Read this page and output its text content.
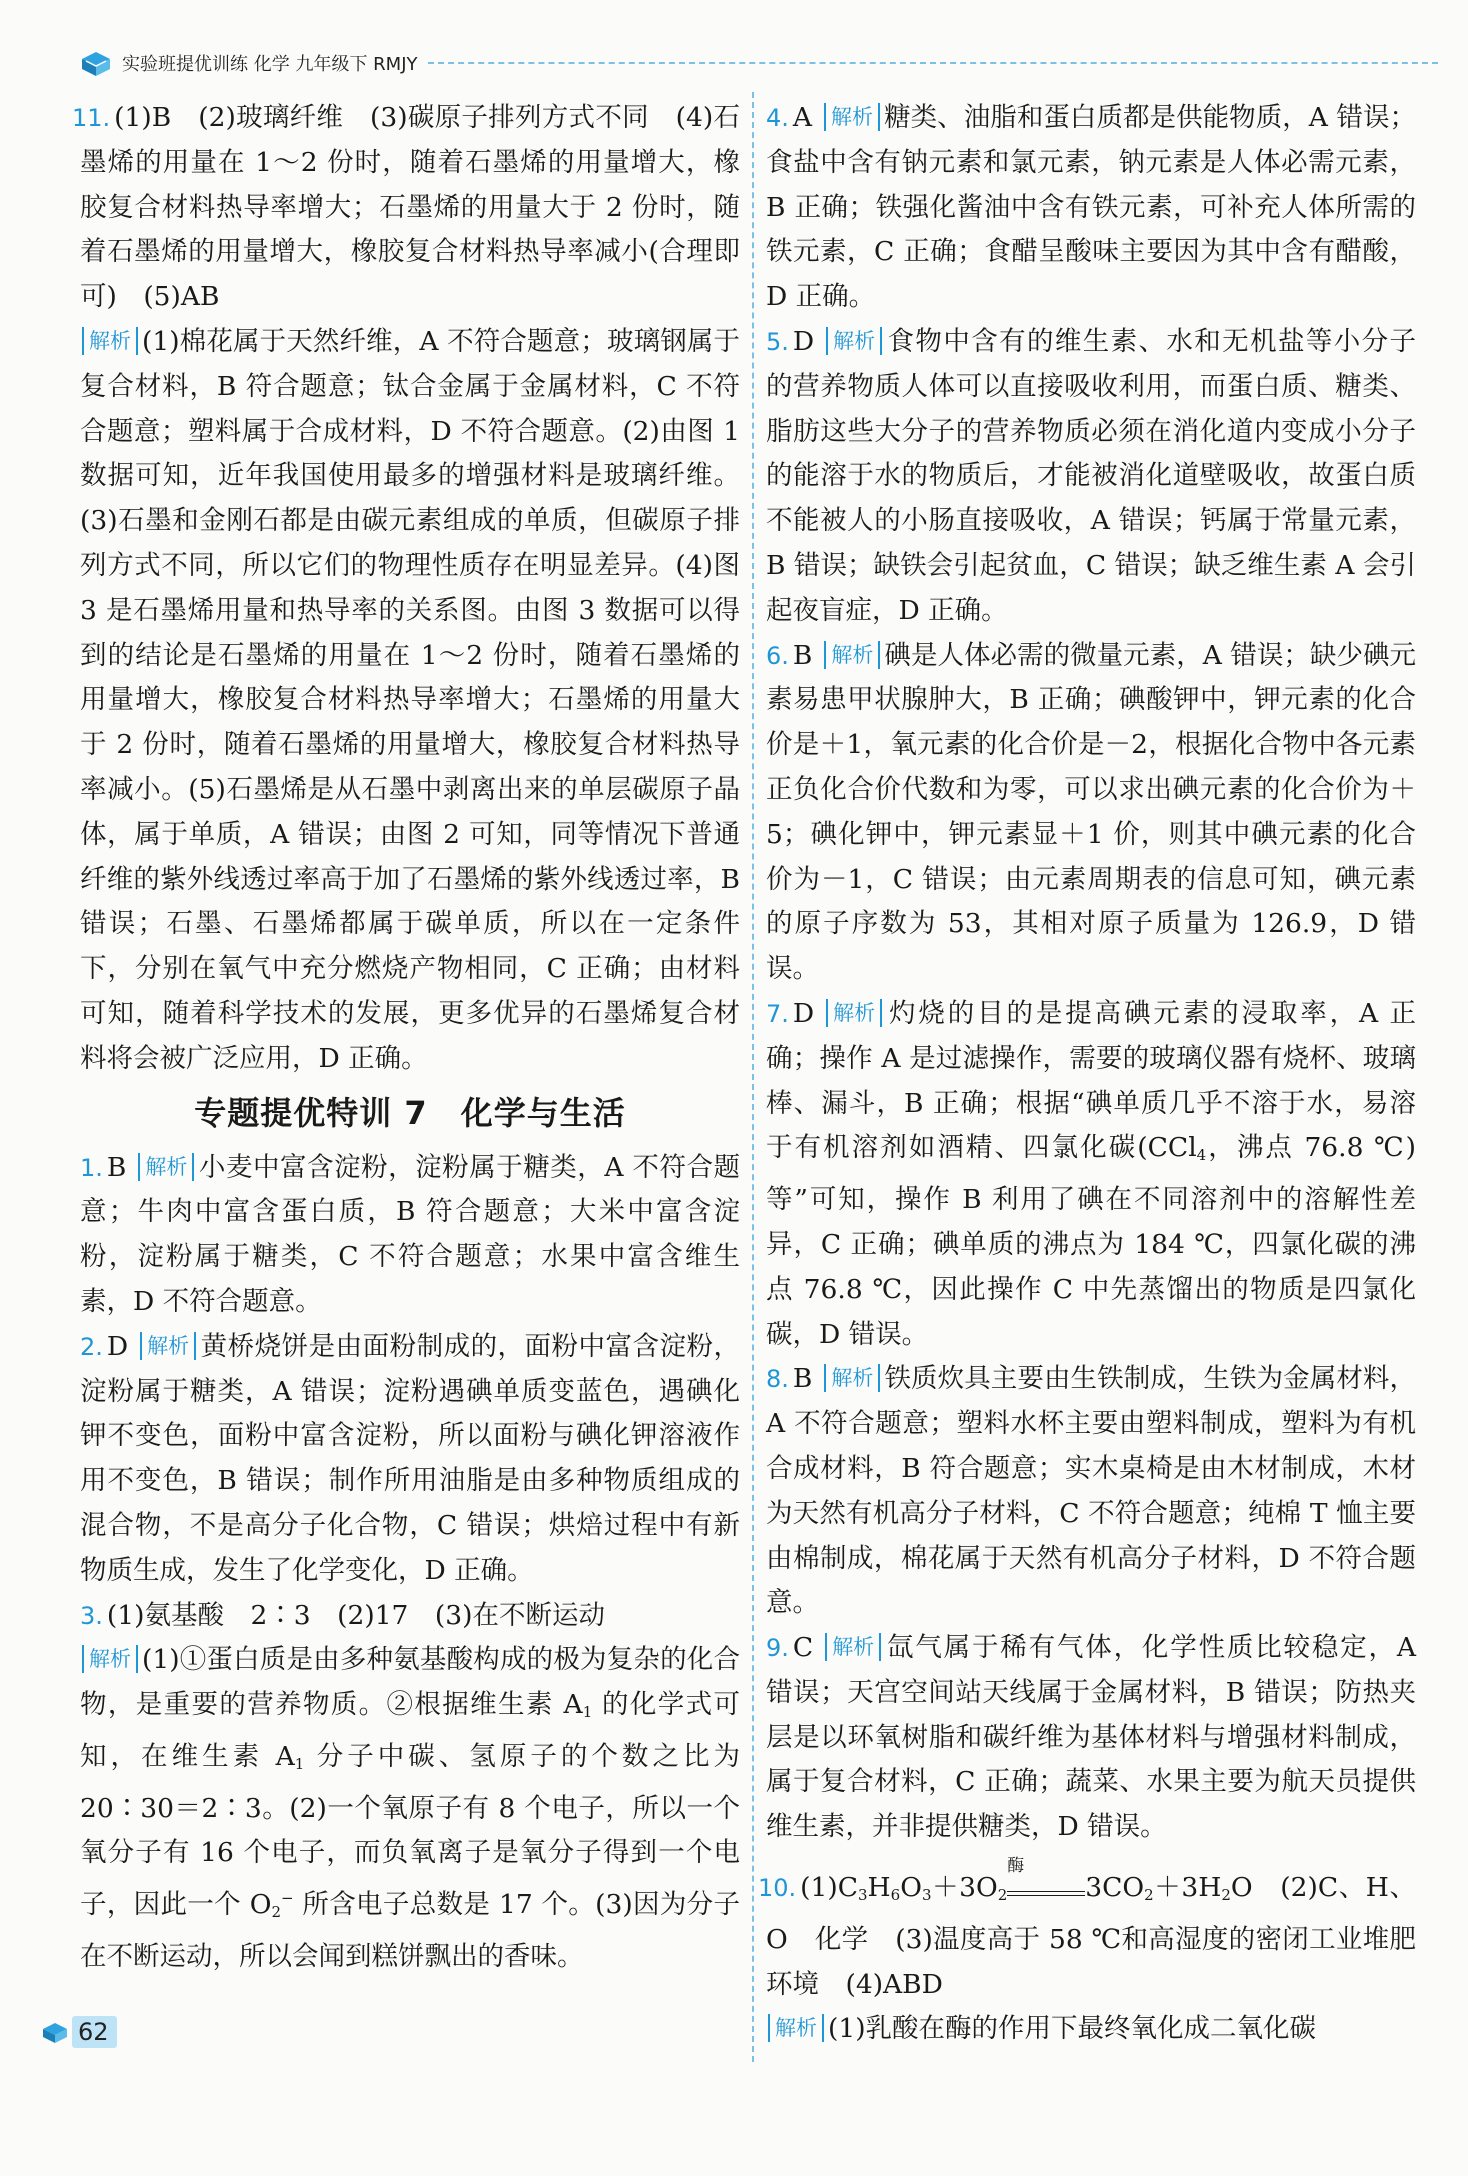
实验班提优训练 化学 九年级下 RMJY

11. (1)B　(2)玻璃纤维　(3)碳原子排列方式不同　(4)石墨烯的用量在 1～2 份时，随着石墨烯的用量增大，橡胶复合材料热导率增大；石墨烯的用量大于 2 份时，随着石墨烯的用量增大，橡胶复合材料热导率减小(合理即可)　(5)AB

解析 (1)棉花属于天然纤维，A 不符合题意；玻璃钢属于复合材料，B 符合题意；钛合金属于金属材料，C 不符合题意；塑料属于合成材料，D 不符合题意。(2)由图 1 数据可知，近年我国使用最多的增强材料是玻璃纤维。(3)石墨和金刚石都是由碳元素组成的单质，但碳原子排列方式不同，所以它们的物理性质存在明显差异。(4)图 3 是石墨烯用量和热导率的关系图。由图 3 数据可以得到的结论是石墨烯的用量在 1～2 份时，随着石墨烯的用量增大，橡胶复合材料热导率增大；石墨烯的用量大于 2 份时，随着石墨烯的用量增大，橡胶复合材料热导率减小。(5)石墨烯是从石墨中剥离出来的单层碳原子晶体，属于单质，A 错误；由图 2 可知，同等情况下普通纤维的紫外线透过率高于加了石墨烯的紫外线透过率，B 错误；石墨、石墨烯都属于碳单质，所以在一定条件下，分别在氧气中充分燃烧产物相同，C 正确；由材料可知，随着科学技术的发展，更多优异的石墨烯复合材料将会被广泛应用，D 正确。

专题提优特训 7　化学与生活

1. B 解析 小麦中富含淀粉，淀粉属于糖类，A 不符合题意；牛肉中富含蛋白质，B 符合题意；大米中富含淀粉，淀粉属于糖类，C 不符合题意；水果中富含维生素，D 不符合题意。

2. D 解析 黄桥烧饼是由面粉制成的，面粉中富含淀粉，淀粉属于糖类，A 错误；淀粉遇碘单质变蓝色，遇碘化钾不变色，面粉中富含淀粉，所以面粉与碘化钾溶液作用不变色，B 错误；制作所用油脂是由多种物质组成的混合物，不是高分子化合物，C 错误；烘焙过程中有新物质生成，发生了化学变化，D 正确。

3. (1)氨基酸　2∶3　(2)17　(3)在不断运动

解析 (1)①蛋白质是由多种氨基酸构成的极为复杂的化合物，是重要的营养物质。②根据维生素 $A_1$ 的化学式可知，在维生素 $A_1$ 分子中碳、氢原子的个数之比为 20∶30＝2∶3。(2)一个氧原子有 8 个电子，所以一个氧分子有 16 个电子，而负氧离子是氧分子得到一个电子，因此一个 $O_2^-$ 所含电子总数是 17 个。(3)因为分子在不断运动，所以会闻到糕饼飘出的香味。

4. A 解析 糖类、油脂和蛋白质都是供能物质，A 错误；食盐中含有钠元素和氯元素，钠元素是人体必需元素，B 正确；铁强化酱油中含有铁元素，可补充人体所需的铁元素，C 正确；食醋呈酸味主要因为其中含有醋酸，D 正确。

5. D 解析 食物中含有的维生素、水和无机盐等小分子的营养物质人体可以直接吸收利用，而蛋白质、糖类、脂肪这些大分子的营养物质必须在消化道内变成小分子的能溶于水的物质后，才能被消化道壁吸收，故蛋白质不能被人的小肠直接吸收，A 错误；钙属于常量元素，B 错误；缺铁会引起贫血，C 错误；缺乏维生素 A 会引起夜盲症，D 正确。

6. B 解析 碘是人体必需的微量元素，A 错误；缺少碘元素易患甲状腺肿大，B 正确；碘酸钾中，钾元素的化合价是＋1，氧元素的化合价是－2，根据化合物中各元素正负化合价代数和为零，可以求出碘元素的化合价为＋5；碘化钾中，钾元素显＋1 价，则其中碘元素的化合价为－1，C 错误；由元素周期表的信息可知，碘元素的原子序数为 53，其相对原子质量为 126.9，D 错误。

7. D 解析 灼烧的目的是提高碘元素的浸取率，A 正确；操作 A 是过滤操作，需要的玻璃仪器有烧杯、玻璃棒、漏斗，B 正确；根据“碘单质几乎不溶于水，易溶于有机溶剂如酒精、四氯化碳(CCl$_4$，沸点 76.8 ℃)等”可知，操作 B 利用了碘在不同溶剂中的溶解性差异，C 正确；碘单质的沸点为 184 ℃，四氯化碳的沸点 76.8 ℃，因此操作 C 中先蒸馏出的物质是四氯化碳，D 错误。

8. B 解析 铁质炊具主要由生铁制成，生铁为金属材料，A 不符合题意；塑料水杯主要由塑料制成，塑料为有机合成材料，B 符合题意；实木桌椅是由木材制成，木材为天然有机高分子材料，C 不符合题意；纯棉 T 恤主要由棉制成，棉花属于天然有机高分子材料，D 不符合题意。

9. C 解析 氙气属于稀有气体，化学性质比较稳定，A 错误；天宫空间站天线属于金属材料，B 错误；防热夹层是以环氧树脂和碳纤维为基体材料与增强材料制成，属于复合材料，C 正确；蔬菜、水果主要为航天员提供维生素，并非提供糖类，D 错误。

10. $(1)C_3H_6O_3+3O_2$
酶
$3CO_2+3H_2O$　(2)C、H、O　化学　(3)温度高于 58 ℃和高湿度的密闭工业堆肥环境　(4)ABD

解析 (1)乳酸在酶的作用下最终氧化成二氧化碳

62
